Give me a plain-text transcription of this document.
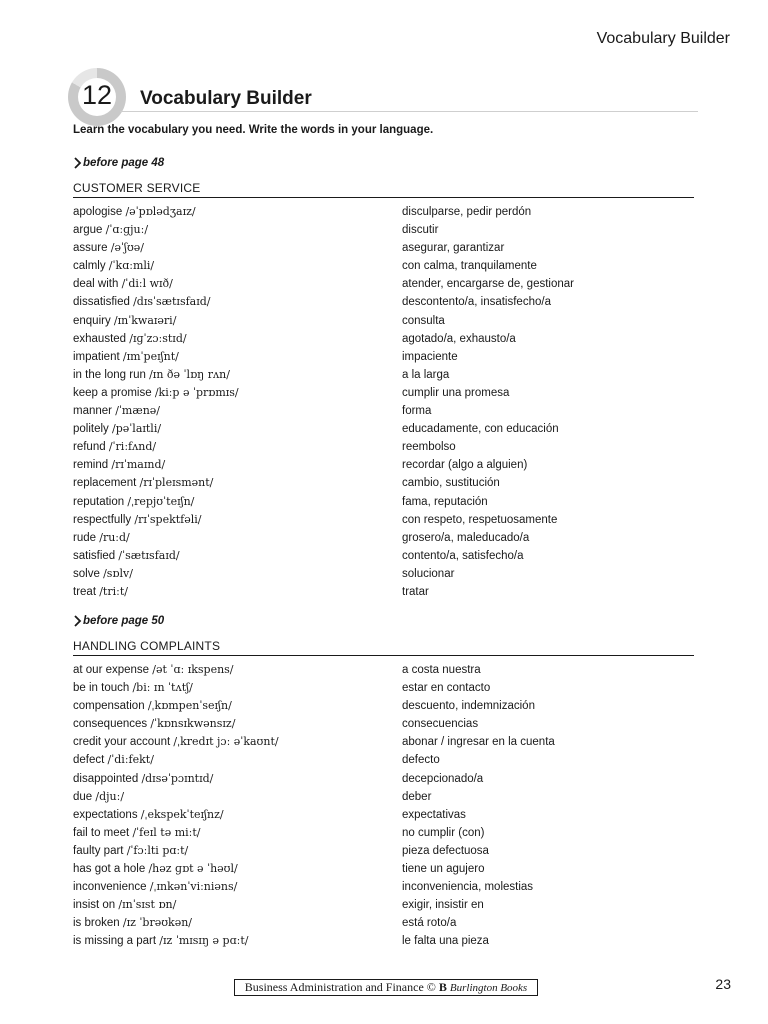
Vocabulary Builder
12	Vocabulary Builder
Learn the vocabulary you need. Write the words in your language.
before page 48
CUSTOMER SERVICE
apologise /əˈpɒlədʒaɪz/	disculparse, pedir perdón
argue /ˈɑːɡjuː/	discutir
assure /əˈʃʊə/	asegurar, garantizar
calmly /ˈkɑːmli/	con calma, tranquilamente
deal with /ˈdiːl wɪð/	atender, encargarse de, gestionar
dissatisfied /dɪsˈsætɪsfaɪd/	descontento/a, insatisfecho/a
enquiry /ɪnˈkwaɪəri/	consulta
exhausted /ɪɡˈzɔːstɪd/	agotado/a, exhausto/a
impatient /ɪmˈpeɪʃnt/	impaciente
in the long run /ɪn ðə ˈlɒŋ rʌn/	a la larga
keep a promise /kiːp ə ˈprɒmɪs/	cumplir una promesa
manner /ˈmænə/	forma
politely /pəˈlaɪtli/	educadamente, con educación
refund /ˈriːfʌnd/	reembolso
remind /rɪˈmaɪnd/	recordar (algo a alguien)
replacement /rɪˈpleɪsmənt/	cambio, sustitución
reputation /ˌrepjʊˈteɪʃn/	fama, reputación
respectfully /rɪˈspektfəli/	con respeto, respetuosamente
rude /ruːd/	grosero/a, maleducado/a
satisfied /ˈsætɪsfaɪd/	contento/a, satisfecho/a
solve /sɒlv/	solucionar
treat /triːt/	tratar
before page 50
HANDLING COMPLAINTS
at our expense /ət ˈɑː ɪkspens/	a costa nuestra
be in touch /biː ɪn ˈtʌtʃ/	estar en contacto
compensation /ˌkɒmpenˈseɪʃn/	descuento, indemnización
consequences /ˈkɒnsɪkwənsɪz/	consecuencias
credit your account /ˌkredɪt jɔː əˈkaʊnt/	abonar / ingresar en la cuenta
defect /ˈdiːfekt/	defecto
disappointed /dɪsəˈpɔɪntɪd/	decepcionado/a
due /djuː/	deber
expectations /ˌekspekˈteɪʃnz/	expectativas
fail to meet /ˈfeɪl tə miːt/	no cumplir (con)
faulty part /ˈfɔːlti pɑːt/	pieza defectuosa
has got a hole /həz ɡɒt ə ˈhəʊl/	tiene un agujero
inconvenience /ˌɪnkənˈviːniəns/	inconveniencia, molestias
insist on /ɪnˈsɪst ɒn/	exigir, insistir en
is broken /ɪz ˈbrəʊkən/	está roto/a
is missing a part /ɪz ˈmɪsɪŋ ə pɑːt/	le falta una pieza
Business Administration and Finance © B Burlington Books	23
